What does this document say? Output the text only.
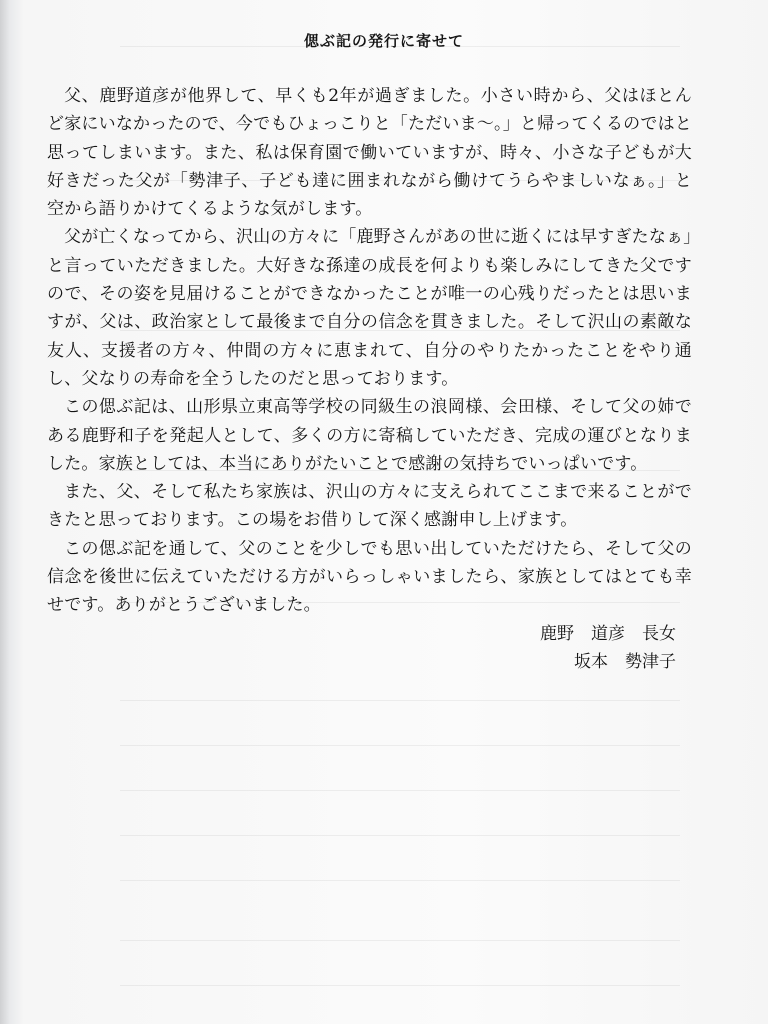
偲ぶ記の発行に寄せて

父、鹿野道彦が他界して、早くも2年が過ぎました。小さい時から、父はほとんど家にいなかったので、今でもひょっこりと「ただいま〜。」と帰ってくるのではと思ってしまいます。また、私は保育園で働いていますが、時々、小さな子どもが大好きだった父が「勢津子、子ども達に囲まれながら働けてうらやましいなぁ。」と空から語りかけてくるような気がします。

父が亡くなってから、沢山の方々に「鹿野さんがあの世に逝くには早すぎたなぁ」と言っていただきました。大好きな孫達の成長を何よりも楽しみにしてきた父ですので、その姿を見届けることができなかったことが唯一の心残りだったとは思いますが、父は、政治家として最後まで自分の信念を貫きました。そして沢山の素敵な友人、支援者の方々、仲間の方々に恵まれて、自分のやりたかったことをやり通し、父なりの寿命を全うしたのだと思っております。

この偲ぶ記は、山形県立東高等学校の同級生の浪岡様、会田様、そして父の姉である鹿野和子を発起人として、多くの方に寄稿していただき、完成の運びとなりました。家族としては、本当にありがたいことで感謝の気持ちでいっぱいです。

また、父、そして私たち家族は、沢山の方々に支えられてここまで来ることができたと思っております。この場をお借りして深く感謝申し上げます。

この偲ぶ記を通して、父のことを少しでも思い出していただけたら、そして父の信念を後世に伝えていただける方がいらっしゃいましたら、家族としてはとても幸せです。ありがとうございました。

鹿野　道彦　長女
坂本　勢津子
